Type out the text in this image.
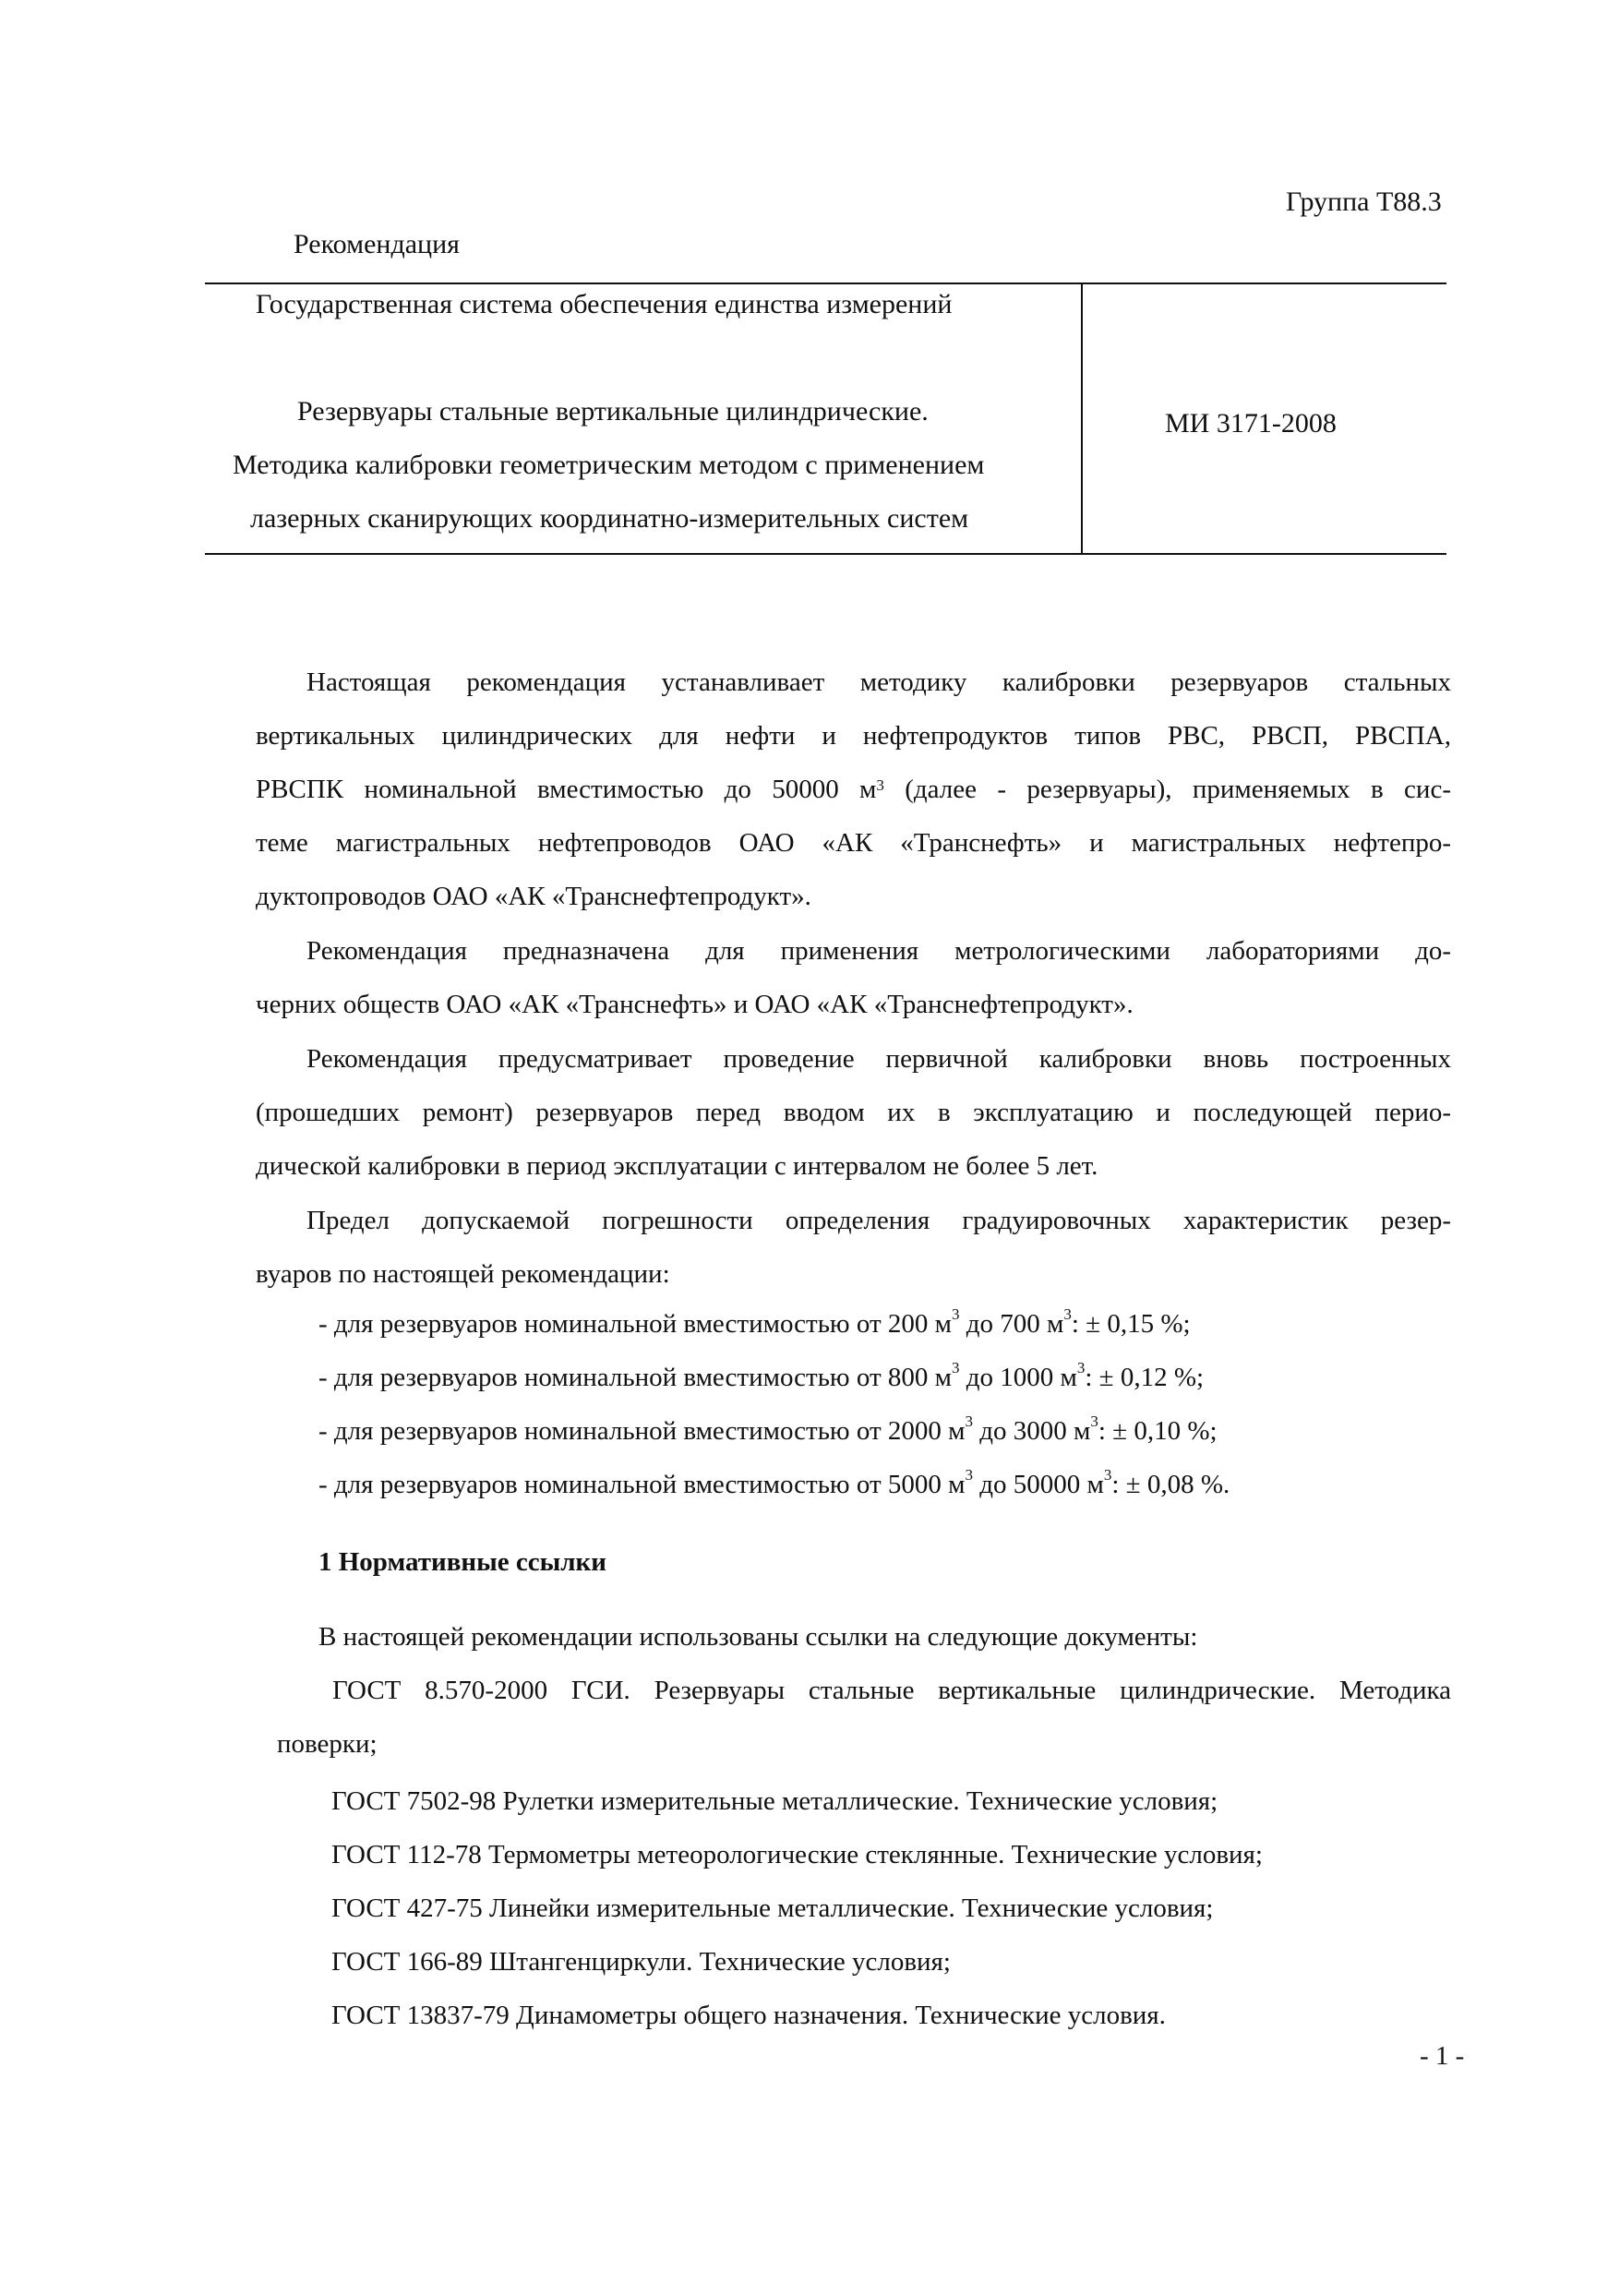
Группа Т88.3

Рекомендация

Государственная система обеспечения единства измерений

Резервуары стальные вертикальные цилиндрические.

Методика калибровки геометрическим методом с применением

лазерных сканирующих координатно-измерительных систем

МИ 3171-2008

Настоящая рекомендация устанавливает методику калибровки резервуаров стальных
вертикальных цилиндрических для нефти и нефтепродуктов типов РВС, РВСП, РВСПА,
РВСПК номинальной вместимостью до 50000 $м^3$ (далее - резервуары), применяемых в сис-
теме магистральных нефтепроводов ОАО «АК «Транснефть» и магистральных нефтепро-
дуктопроводов ОАО «АК «Транснефтепродукт».
Рекомендация предназначена для применения метрологическими лабораториями до-
черних обществ ОАО «АК «Транснефть» и ОАО «АК «Транснефтепродукт».
Рекомендация предусматривает проведение первичной калибровки вновь построенных
(прошедших ремонт) резервуаров перед вводом их в эксплуатацию и последующей перио-
дической калибровки в период эксплуатации с интервалом не более 5 лет.
Предел допускаемой погрешности определения градуировочных характеристик резер-
вуаров по настоящей рекомендации:

- для резервуаров номинальной вместимостью от 200 $м^3$ до 700 $м^3$: ± 0,15 %;

- для резервуаров номинальной вместимостью от 800 $м^3$ до 1000 $м^3$: ± 0,12 %;

- для резервуаров номинальной вместимостью от 2000 $м^3$ до 3000 $м^3$: ± 0,10 %;

- для резервуаров номинальной вместимостью от 5000 $м^3$ до 50000 $м^3$: ± 0,08 %.

1 Нормативные ссылки

В настоящей рекомендации использованы ссылки на следующие документы:

ГОСТ 8.570-2000 ГСИ. Резервуары стальные вертикальные цилиндрические. Методика
поверки;

ГОСТ 7502-98 Рулетки измерительные металлические. Технические условия;

ГОСТ 112-78 Термометры метеорологические стеклянные. Технические условия;

ГОСТ 427-75 Линейки измерительные металлические. Технические условия;

ГОСТ 166-89 Штангенциркули. Технические условия;

ГОСТ 13837-79 Динамометры общего назначения. Технические условия.

- 1 -
